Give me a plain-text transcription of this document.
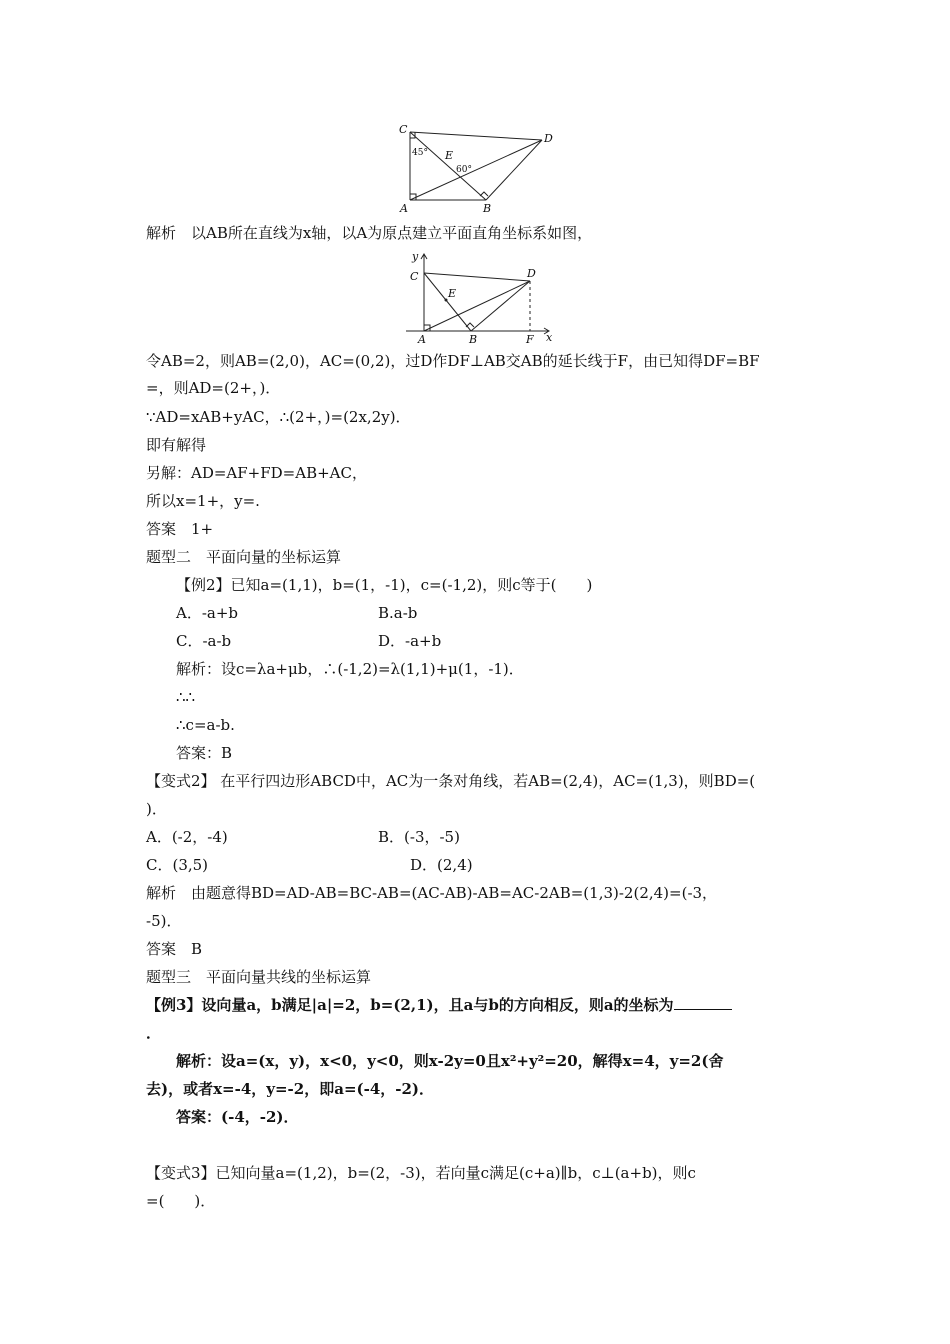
C
D
E
A	B
45°
60°
解析　以AB所在直线为x轴，以A为原点建立平面直角坐标系如图，
y
C	D
E
A	B	F x
令AB=2，则AB=(2,0)，AC=(0,2)，过D作DF⊥AB交AB的延长线于F，由已知得DF=BF
=，则AD=(2+，)．
∵AD=xAB+yAC，∴(2+，)=(2x,2y)．
即有解得
另解：AD=AF+FD=AB+AC，
所以x=1+，y=.
答案　1+
题型二　平面向量的坐标运算
【例2】已知a=(1,1)，b=(1，-1)，c=(-1,2)，则c等于(　　)
A．-a+b	B.a-b
C．-a-b	D．-a+b
解析：设c=λa+μb，∴(-1,2)=λ(1,1)+μ(1，-1)．
∴∴
∴c=a-b.
答案：B
【变式2】 在平行四边形ABCD中，AC为一条对角线，若AB=(2,4)，AC=(1,3)，则BD=(
)．
A．(-2，-4)	B．(-3，-5)
C．(3,5)	D．(2,4)
解析　由题意得BD=AD-AB=BC-AB=(AC-AB)-AB=AC-2AB=(1,3)-2(2,4)=(-3，
-5)．
答案　B
题型三　平面向量共线的坐标运算
【例3】设向量a，b满足|a|=2，b=(2,1)，且a与b的方向相反，则a的坐标为
．
解析：设a=(x，y)，x<0，y<0，则x-2y=0且x²+y²=20，解得x=4，y=2(舍
去)，或者x=-4，y=-2，即a=(-4，-2)．
答案：(-4，-2)．
【变式3】已知向量a=(1,2)，b=(2，-3)，若向量c满足(c+a)∥b，c⊥(a+b)，则c
=(　　)．
